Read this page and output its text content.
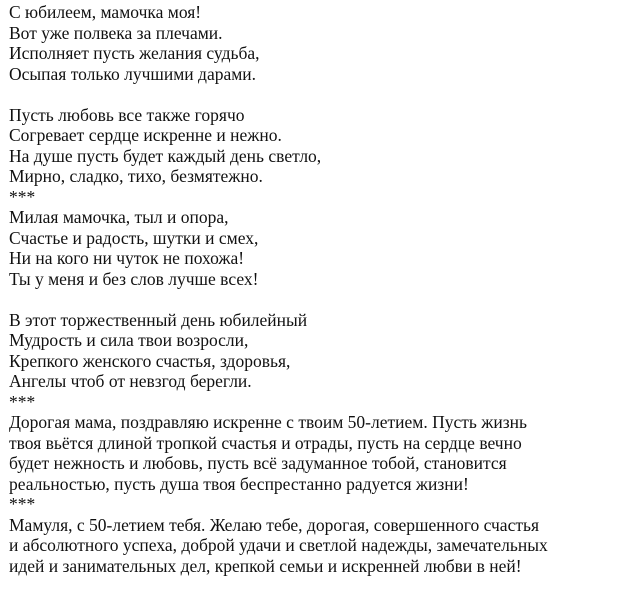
С юбилеем, мамочка моя!
Вот уже полвека за плечами.
Исполняет пусть желания судьба,
Осыпая только лучшими дарами.
Пусть любовь все также горячо
Согревает сердце искренне и нежно.
На душе пусть будет каждый день светло,
Мирно, сладко, тихо, безмятежно.
***
Милая мамочка, тыл и опора,
Счастье и радость, шутки и смех,
Ни на кого ни чуток не похожа!
Ты у меня и без слов лучше всех!
В этот торжественный день юбилейный
Мудрость и сила твои возросли,
Крепкого женского счастья, здоровья,
Ангелы чтоб от невзгод берегли.
***
Дорогая мама, поздравляю искренне с твоим 50-летием. Пусть жизнь
твоя вьётся длиной тропкой счастья и отрады, пусть на сердце вечно
будет нежность и любовь, пусть всё задуманное тобой, становится
реальностью, пусть душа твоя беспрестанно радуется жизни!
***
Мамуля, с 50-летием тебя. Желаю тебе, дорогая, совершенного счастья
и абсолютного успеха, доброй удачи и светлой надежды, замечательных
идей и занимательных дел, крепкой семьи и искренней любви в ней!
